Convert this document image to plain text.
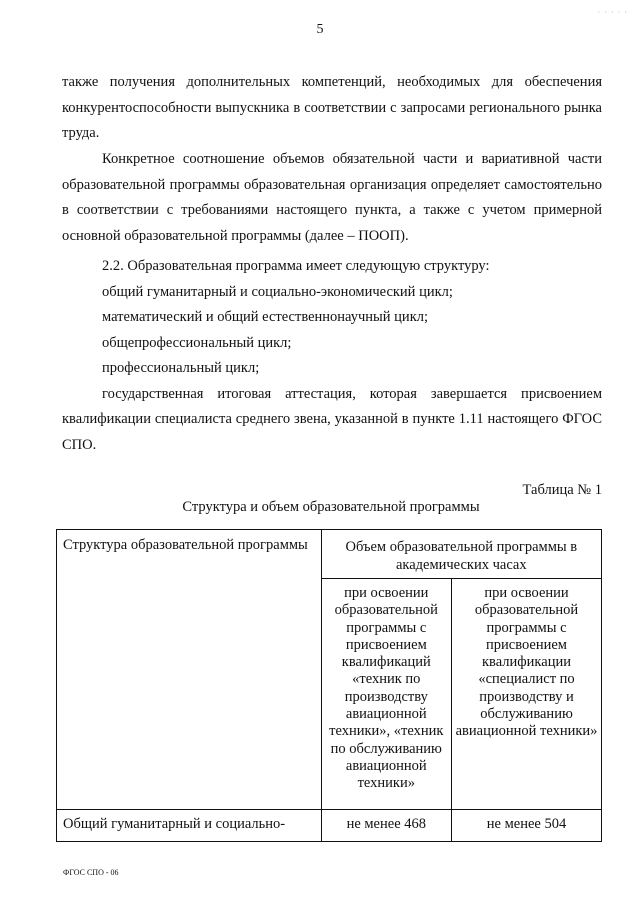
· · · · ·
5

также получения дополнительных компетенций, необходимых для обеспечения конкурентоспособности выпускника в соответствии с запросами регионального рынка труда.

Конкретное соотношение объемов обязательной части и вариативной части образовательной программы образовательная организация определяет самостоятельно в соответствии с требованиями настоящего пункта, а также с учетом примерной основной образовательной программы (далее – ПООП).

2.2. Образовательная программа имеет следующую структуру:

общий гуманитарный и социально-экономический цикл;

математический и общий естественнонаучный цикл;

общепрофессиональный цикл;

профессиональный цикл;

государственная итоговая аттестация, которая завершается присвоением квалификации специалиста среднего звена, указанной в пункте 1.11 настоящего ФГОС СПО.

Таблица № 1
Структура и объем образовательной программы
Структура образовательной программы	Объем образовательной программы в академических часах	
	при освоении образовательной программы с присвоением квалификаций «техник по производству авиационной техники», «техник по обслуживанию авиационной техники»	при освоении образовательной программы с присвоением квалификации «специалист по производству и обслуживанию авиационной техники»
Общий гуманитарный и социально-	не менее 468	не менее 504
ФГОС СПО - 06
